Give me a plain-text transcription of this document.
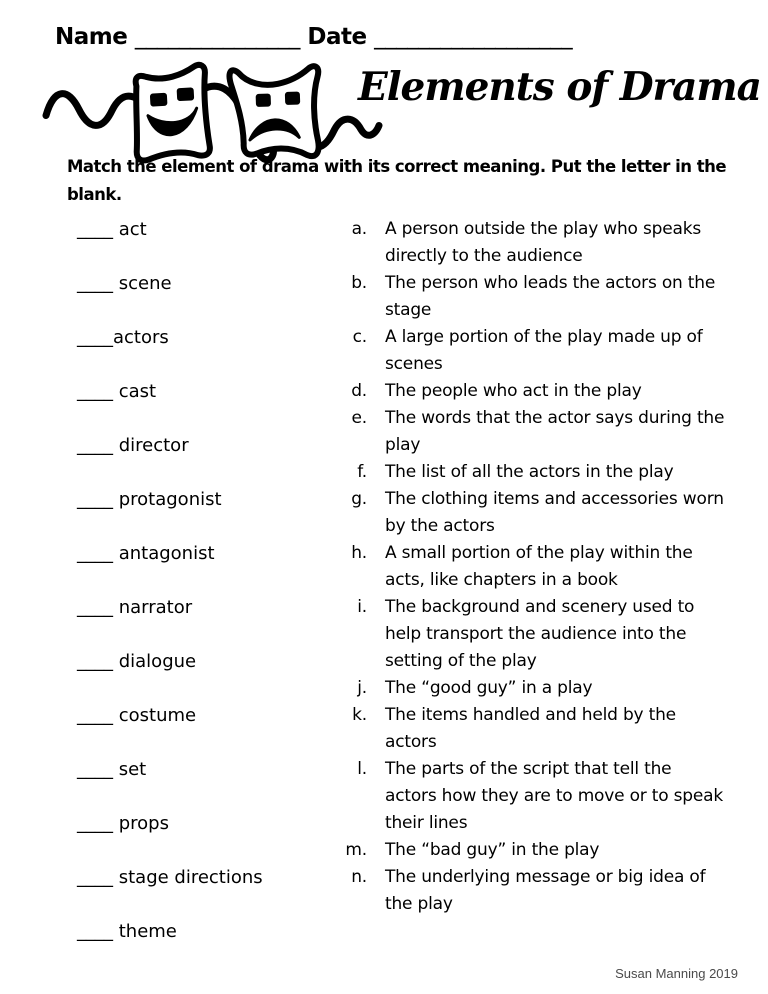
Name _______________ Date __________________
Elements of Drama
Match the element of drama with its correct meaning. Put the letter in the
blank.
____ act
____ scene
____actors
____ cast
____ director
____ protagonist
____ antagonist
____ narrator
____ dialogue
____ costume
____ set
____ props
____ stage directions
____ theme
a. A person outside the play who speaks
directly to the audience
b. The person who leads the actors on the
stage
c. A large portion of the play made up of
scenes
d. The people who act in the play
e. The words that the actor says during the
play
f. The list of all the actors in the play
g. The clothing items and accessories worn
by the actors
h. A small portion of the play within the
acts, like chapters in a book
i. The background and scenery used to
help transport the audience into the
setting of the play
j. The “good guy” in a play
k. The items handled and held by the
actors
l. The parts of the script that tell the
actors how they are to move or to speak
their lines
m. The “bad guy” in the play
n. The underlying message or big idea of
the play
Susan Manning 2019
